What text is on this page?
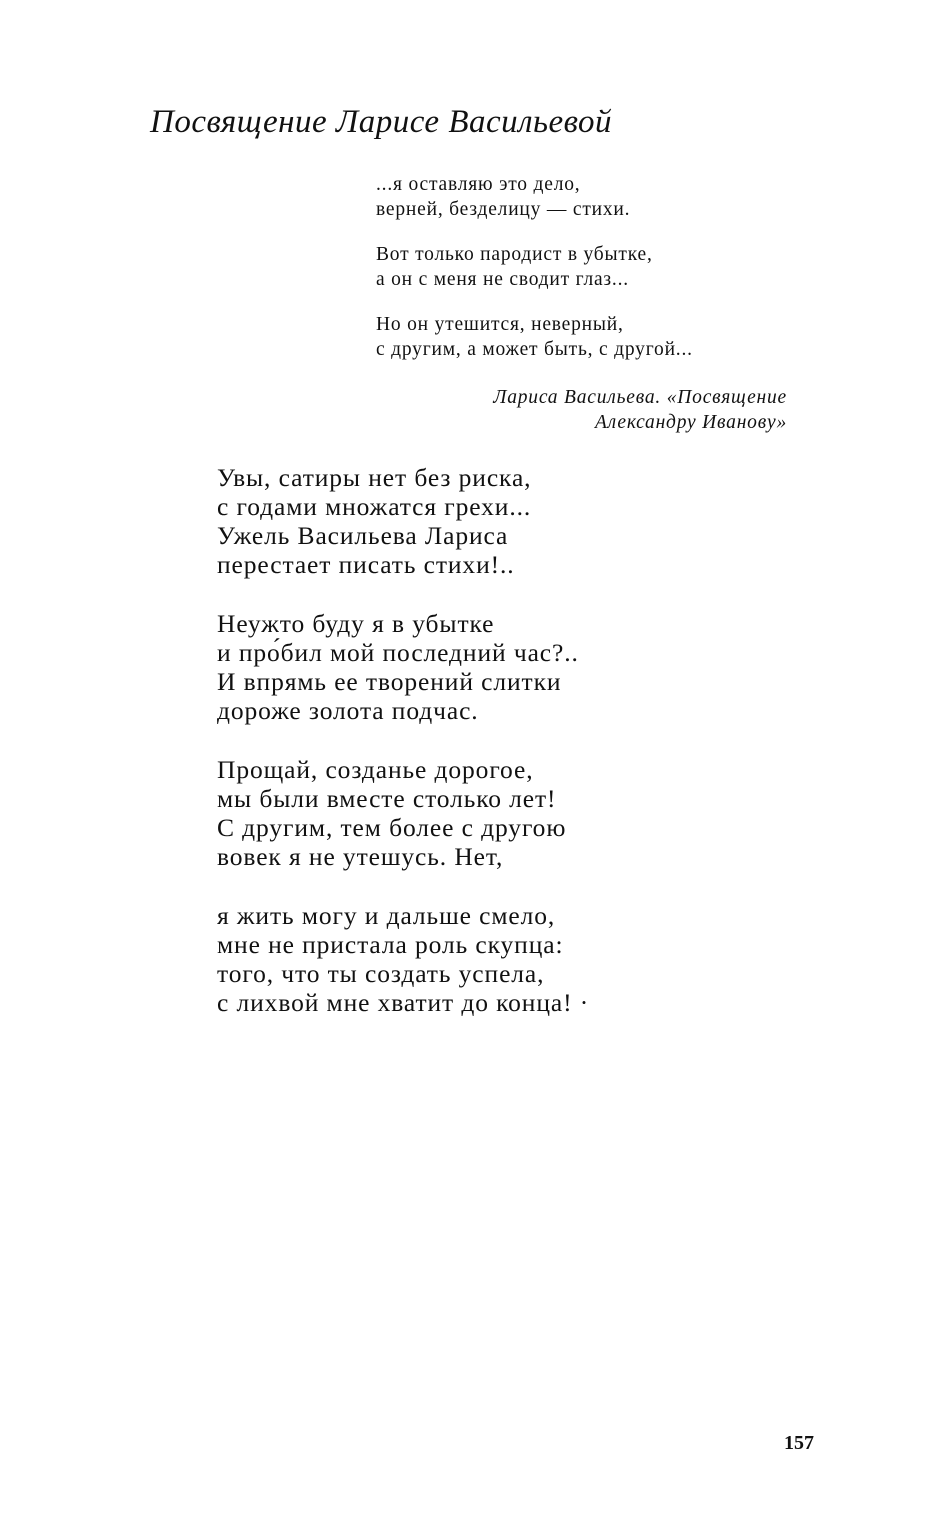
Посвящение Ларисе Васильевой
...я оставляю это дело,
верней, безделицу — стихи.
Вот только пародист в убытке,
а он с меня не сводит глаз...
Но он утешится, неверный,
с другим, а может быть, с другой...
Лариса Васильева. «Посвящение
Александру Иванову»
Увы, сатиры нет без риска,
с годами множатся грехи...
Ужель Васильева Лариса
перестает писать стихи!..
Неужто буду я в убытке
и про́бил мой последний час?..
И впрямь ее творений слитки
дороже золота подчас.
Прощай, созданье дорогое,
мы были вместе столько лет!
С другим, тем более с другою
вовек я не утешусь. Нет,
я жить могу и дальше смело,
мне не пристала роль скупца:
того, что ты создать успела,
с лихвой мне хватит до конца! ·
157
